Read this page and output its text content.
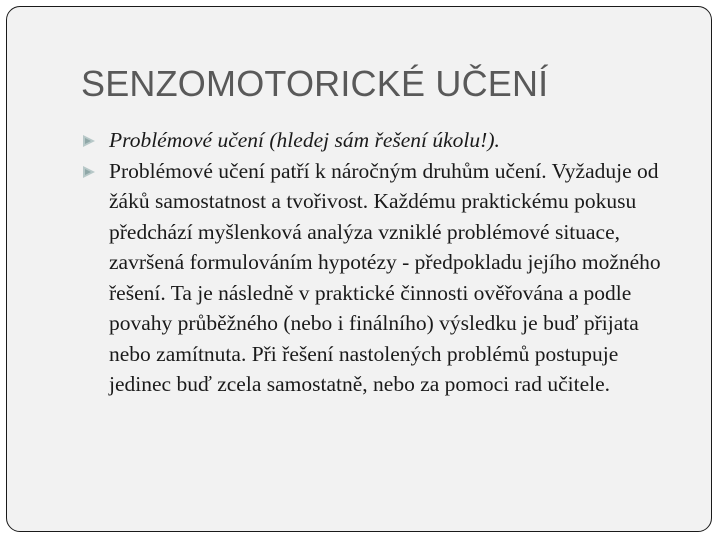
SENZOMOTORICKÉ UČENÍ

Problémové učení (hledej sám řešení úkolu!).

Problémové učení patří k náročným druhům učení. Vyžaduje od žáků samostatnost a tvořivost. Každému praktickému pokusu předchází myšlenková analýza vzniklé problémové situace, završená formulováním hypotézy - předpokladu jejího možného řešení. Ta je následně v praktické činnosti ověřována a podle povahy průběžného (nebo i finálního) výsledku je buď přijata nebo zamítnuta. Při řešení nastolených problémů postupuje jedinec buď zcela samostatně, nebo za pomoci rad učitele.
